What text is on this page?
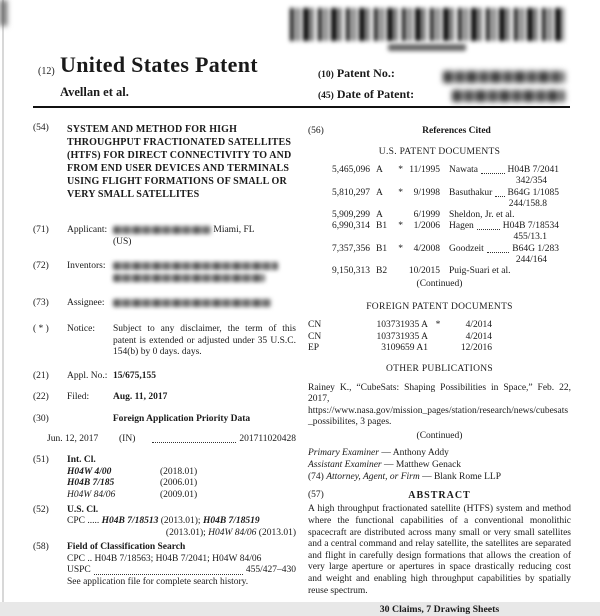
(12) United States Patent
Avellan et al.
(10) Patent No.:
(45) Date of Patent:
(54)	SYSTEM AND METHOD FOR HIGH THROUGHPUT FRACTIONATED SATELLITES (HTFS) FOR DIRECT CONNECTIVITY TO AND FROM END USER DEVICES AND TERMINALS USING FLIGHT FORMATIONS OF SMALL OR VERY SMALL SATELLITES
(71)	Applicant:	Miami, FL
(US)
(72)	Inventors:

(73)	Assignee:
( * )	Notice:	Subject to any disclaimer, the term of this patent is extended or adjusted under 35 U.S.C. 154(b) by 0 days. days.
(21)	Appl. No.: 15/675,155
(22)	Filed:	Aug. 11, 2017
(30)	Foreign Application Priority Data
Jun. 12, 2017	(IN)	201711020428
(51)	Int. Cl.
H04W 4/00	(2018.01)
H04B 7/185	(2006.01)
H04W 84/06	(2009.01)
(52)	U.S. Cl.
CPC ..... H04B 7/18513 (2013.01); H04B 7/18519
(2013.01); H04W 84/06 (2013.01)
(58)	Field of Classification Search
CPC .. H04B 7/18563; H04B 7/2041; H04W 84/06
USPC	455/427–430
See application file for complete search history.
(56)	References Cited
U.S. PATENT DOCUMENTS
5,465,096 A * 11/1995 Nawata	H04B 7/2041
342/354
5,810,297 A *	9/1998 Basuthakur B64G 1/1085
244/158.8
5,909,299 A	6/1999 Sheldon, Jr. et al.
6,990,314 B1 *	1/2006 Hagen	H04B 7/18534
455/13.1
7,357,356 B1 *	4/2008 Goodzeit	B64G 1/283
244/164
9,150,313 B2	10/2015 Puig-Suari et al.
(Continued)
FOREIGN PATENT DOCUMENTS
CN	103731935 A *	4/2014
CN	103731935 A	4/2014
EP	3109659 A1	12/2016
OTHER PUBLICATIONS
Rainey K., “CubeSats: Shaping Possibilities in Space,” Feb. 22, 2017, https://www.nasa.gov/mission_pages/station/research/news/cubesats_possibilites, 3 pages.
(Continued)
Primary Examiner — Anthony Addy
Assistant Examiner — Matthew Genack
(74) Attorney, Agent, or Firm — Blank Rome LLP
(57)	ABSTRACT
A high throughput fractionated satellite (HTFS) system and method where the functional capabilities of a conventional monolithic spacecraft are distributed across many small or very small satellites and a central command and relay satellite, the satellites are separated and flight in carefully design formations that allows the creation of very large aperture or apertures in space drastically reducing cost and weight and enabling high throughput capabilities by spatially reuse spectrum.
30 Claims, 7 Drawing Sheets
